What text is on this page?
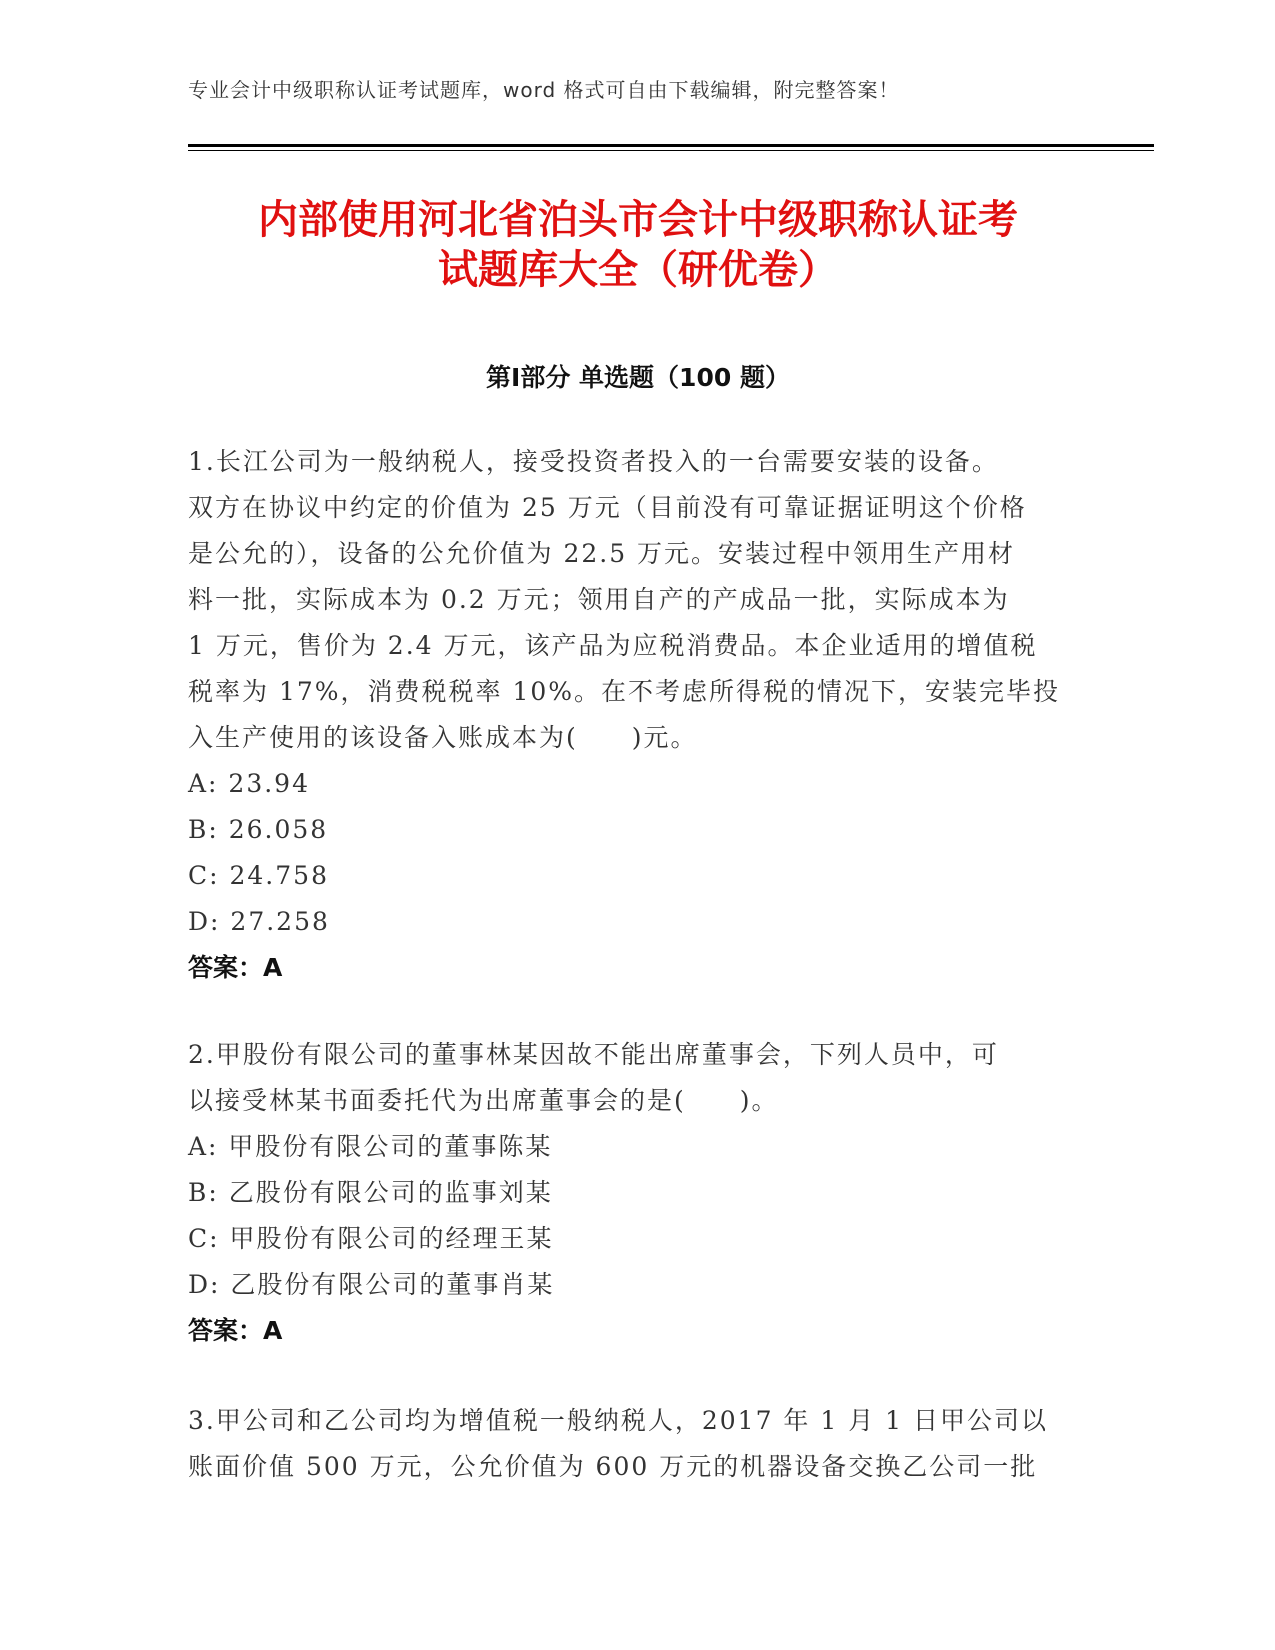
专业会计中级职称认证考试题库，word 格式可自由下载编辑，附完整答案！
内部使用河北省泊头市会计中级职称认证考
试题库大全（研优卷）
第Ⅰ部分 单选题（100 题）

1.长江公司为一般纳税人，接受投资者投入的一台需要安装的设备。

双方在协议中约定的价值为 25 万元（目前没有可靠证据证明这个价格

是公允的），设备的公允价值为 22.5 万元。安装过程中领用生产用材

料一批，实际成本为 0.2 万元；领用自产的产成品一批，实际成本为

1 万元，售价为 2.4 万元，该产品为应税消费品。本企业适用的增值税

税率为 17%，消费税税率 10%。在不考虑所得税的情况下，安装完毕投

入生产使用的该设备入账成本为(　　)元。

A: 23.94

B: 26.058

C: 24.758

D: 27.258

答案：A

2.甲股份有限公司的董事林某因故不能出席董事会，下列人员中，可

以接受林某书面委托代为出席董事会的是(　　)。

A: 甲股份有限公司的董事陈某

B: 乙股份有限公司的监事刘某

C: 甲股份有限公司的经理王某

D: 乙股份有限公司的董事肖某

答案：A

3.甲公司和乙公司均为增值税一般纳税人，2017 年 1 月 1 日甲公司以

账面价值 500 万元，公允价值为 600 万元的机器设备交换乙公司一批
